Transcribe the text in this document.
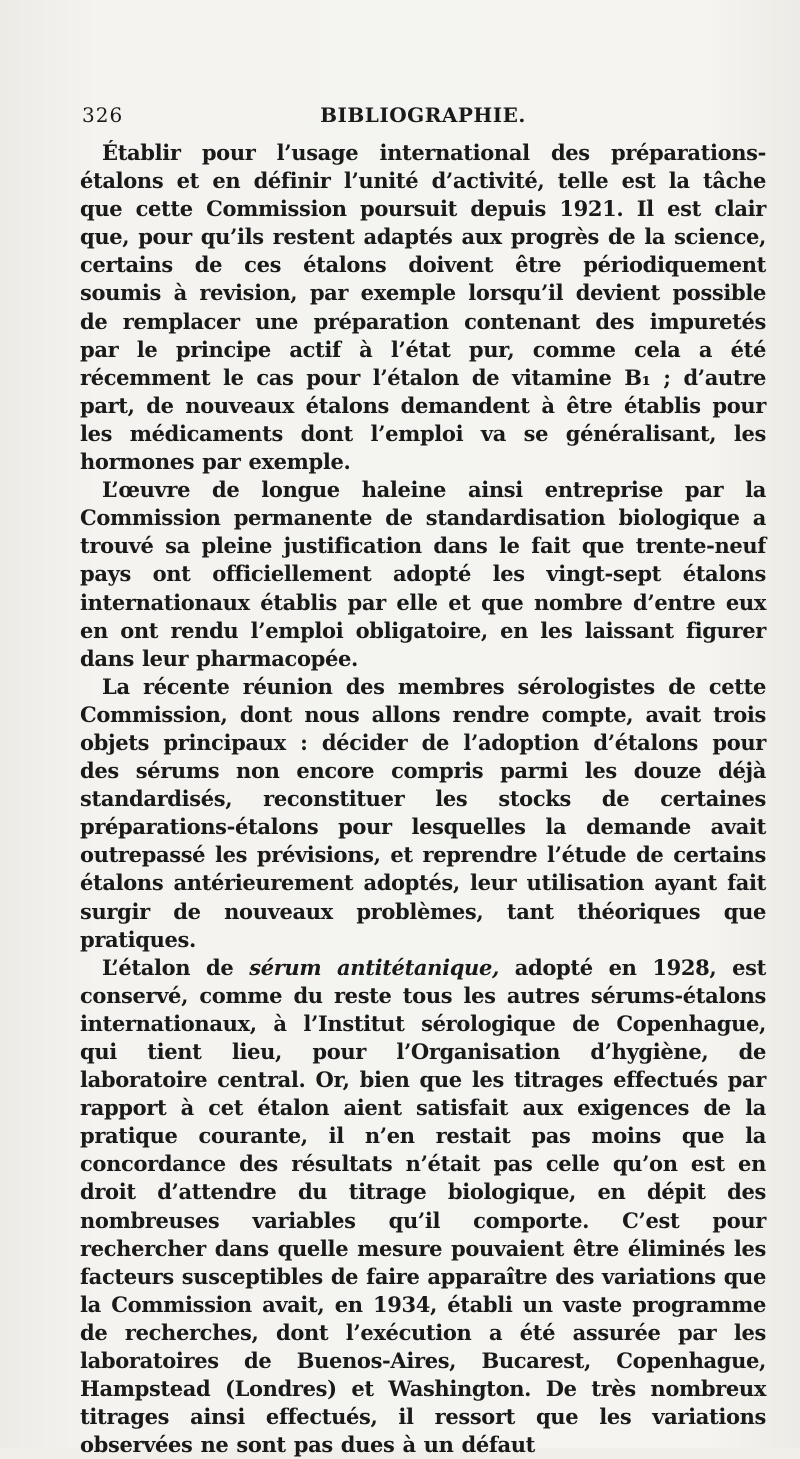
326	BIBLIOGRAPHIE.

Établir pour l’usage international des préparations-étalons et en définir l’unité d’activité, telle est la tâche que cette Commission poursuit depuis 1921. Il est clair que, pour qu’ils restent adaptés aux progrès de la science, certains de ces étalons doivent être périodiquement soumis à revision, par exemple lorsqu’il devient possible de remplacer une préparation contenant des impuretés par le principe actif à l’état pur, comme cela a été récemment le cas pour l’étalon de vitamine B₁ ; d’autre part, de nouveaux étalons demandent à être établis pour les médicaments dont l’emploi va se généralisant, les hormones par exemple.

L’œuvre de longue haleine ainsi entreprise par la Commission permanente de standardisation biologique a trouvé sa pleine justification dans le fait que trente-neuf pays ont officiellement adopté les vingt-sept étalons internationaux établis par elle et que nombre d’entre eux en ont rendu l’emploi obligatoire, en les laissant figurer dans leur pharmacopée.

La récente réunion des membres sérologistes de cette Commission, dont nous allons rendre compte, avait trois objets principaux : décider de l’adoption d’étalons pour des sérums non encore compris parmi les douze déjà standardisés, reconstituer les stocks de certaines préparations-étalons pour lesquelles la demande avait outrepassé les prévisions, et reprendre l’étude de certains étalons antérieurement adoptés, leur utilisation ayant fait surgir de nouveaux problèmes, tant théoriques que pratiques.

L’étalon de sérum antitétanique, adopté en 1928, est conservé, comme du reste tous les autres sérums-étalons internationaux, à l’Institut sérologique de Copenhague, qui tient lieu, pour l’Organisation d’hygiène, de laboratoire central. Or, bien que les titrages effectués par rapport à cet étalon aient satisfait aux exigences de la pratique courante, il n’en restait pas moins que la concordance des résultats n’était pas celle qu’on est en droit d’attendre du titrage biologique, en dépit des nombreuses variables qu’il comporte. C’est pour rechercher dans quelle mesure pouvaient être éliminés les facteurs susceptibles de faire apparaître des variations que la Commission avait, en 1934, établi un vaste programme de recherches, dont l’exécution a été assurée par les laboratoires de Buenos-Aires, Bucarest, Copenhague, Hampstead (Londres) et Washington. De très nombreux titrages ainsi effectués, il ressort que les variations observées ne sont pas dues à un défaut
